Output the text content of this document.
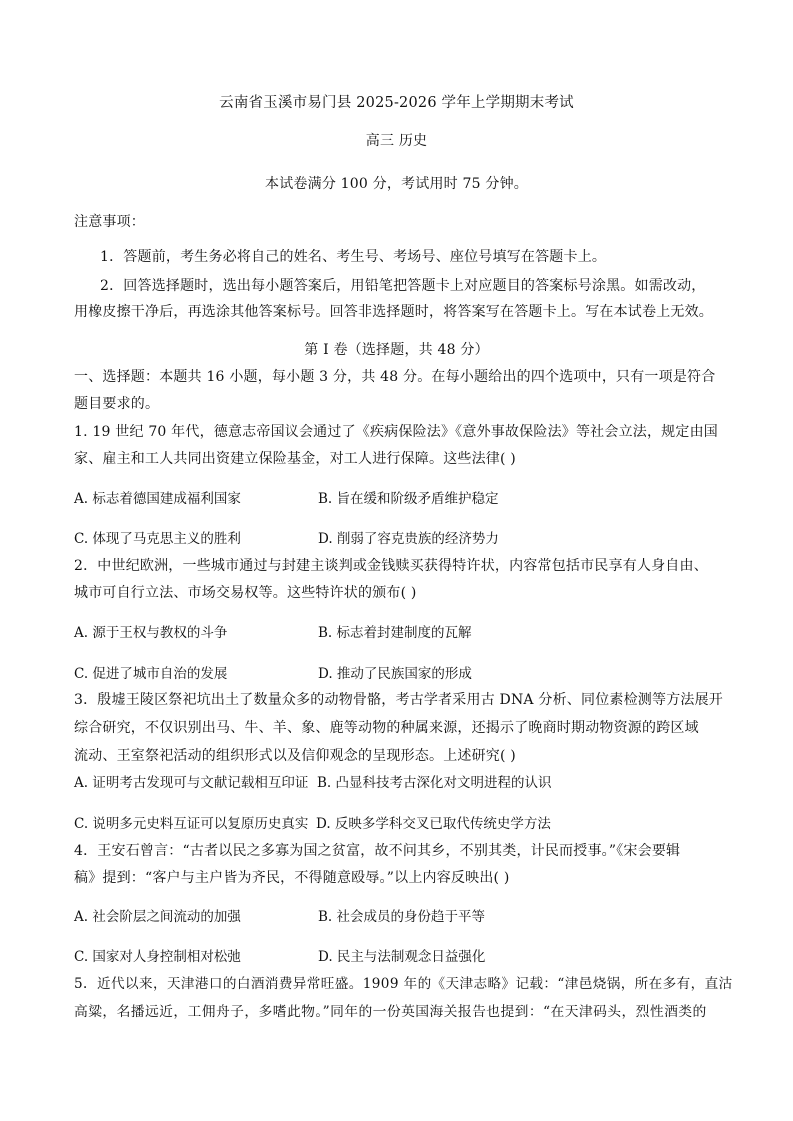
云南省玉溪市易门县 2025-2026 学年上学期期末考试
高三 历史
本试卷满分 100 分，考试用时 75 分钟。
注意事项：
1．答题前，考生务必将自己的姓名、考生号、考场号、座位号填写在答题卡上。
2．回答选择题时，选出每小题答案后，用铅笔把答题卡上对应题目的答案标号涂黑。如需改动，
用橡皮擦干净后，再选涂其他答案标号。回答非选择题时，将答案写在答题卡上。写在本试卷上无效。
第 I 卷（选择题，共 48 分）
一、选择题：本题共 16 小题，每小题 3 分，共 48 分。在每小题给出的四个选项中，只有一项是符合
题目要求的。
1. 19 世纪 70 年代，德意志帝国议会通过了《疾病保险法》《意外事故保险法》等社会立法，规定由国
家、雇主和工人共同出资建立保险基金，对工人进行保障。这些法律( )
A. 标志着德国建成福利国家	B. 旨在缓和阶级矛盾维护稳定
C. 体现了马克思主义的胜利	D. 削弱了容克贵族的经济势力
2．中世纪欧洲，一些城市通过与封建主谈判或金钱赎买获得特许状，内容常包括市民享有人身自由、
城市可自行立法、市场交易权等。这些特许状的颁布( )
A. 源于王权与教权的斗争	B. 标志着封建制度的瓦解
C. 促进了城市自治的发展	D. 推动了民族国家的形成
3．殷墟王陵区祭祀坑出土了数量众多的动物骨骼，考古学者采用古 DNA 分析、同位素检测等方法展开
综合研究，不仅识别出马、牛、羊、象、鹿等动物的种属来源，还揭示了晚商时期动物资源的跨区域
流动、王室祭祀活动的组织形式以及信仰观念的呈现形态。上述研究( )
A. 证明考古发现可与文献记载相互印证 B. 凸显科技考古深化对文明进程的认识
C. 说明多元史料互证可以复原历史真实 D. 反映多学科交叉已取代传统史学方法
4．王安石曾言：“古者以民之多寡为国之贫富，故不问其乡，不别其类，计民而授事。”《宋会要辑
稿》提到：“客户与主户皆为齐民，不得随意殴辱。”以上内容反映出( )
A. 社会阶层之间流动的加强	B. 社会成员的身份趋于平等
C. 国家对人身控制相对松弛	D. 民主与法制观念日益强化
5．近代以来，天津港口的白酒消费异常旺盛。1909 年的《天津志略》记载：“津邑烧锅，所在多有，直沽
高粱，名播远近，工佣舟子，多嗜此物。”同年的一份英国海关报告也提到：“在天津码头，烈性酒类的
